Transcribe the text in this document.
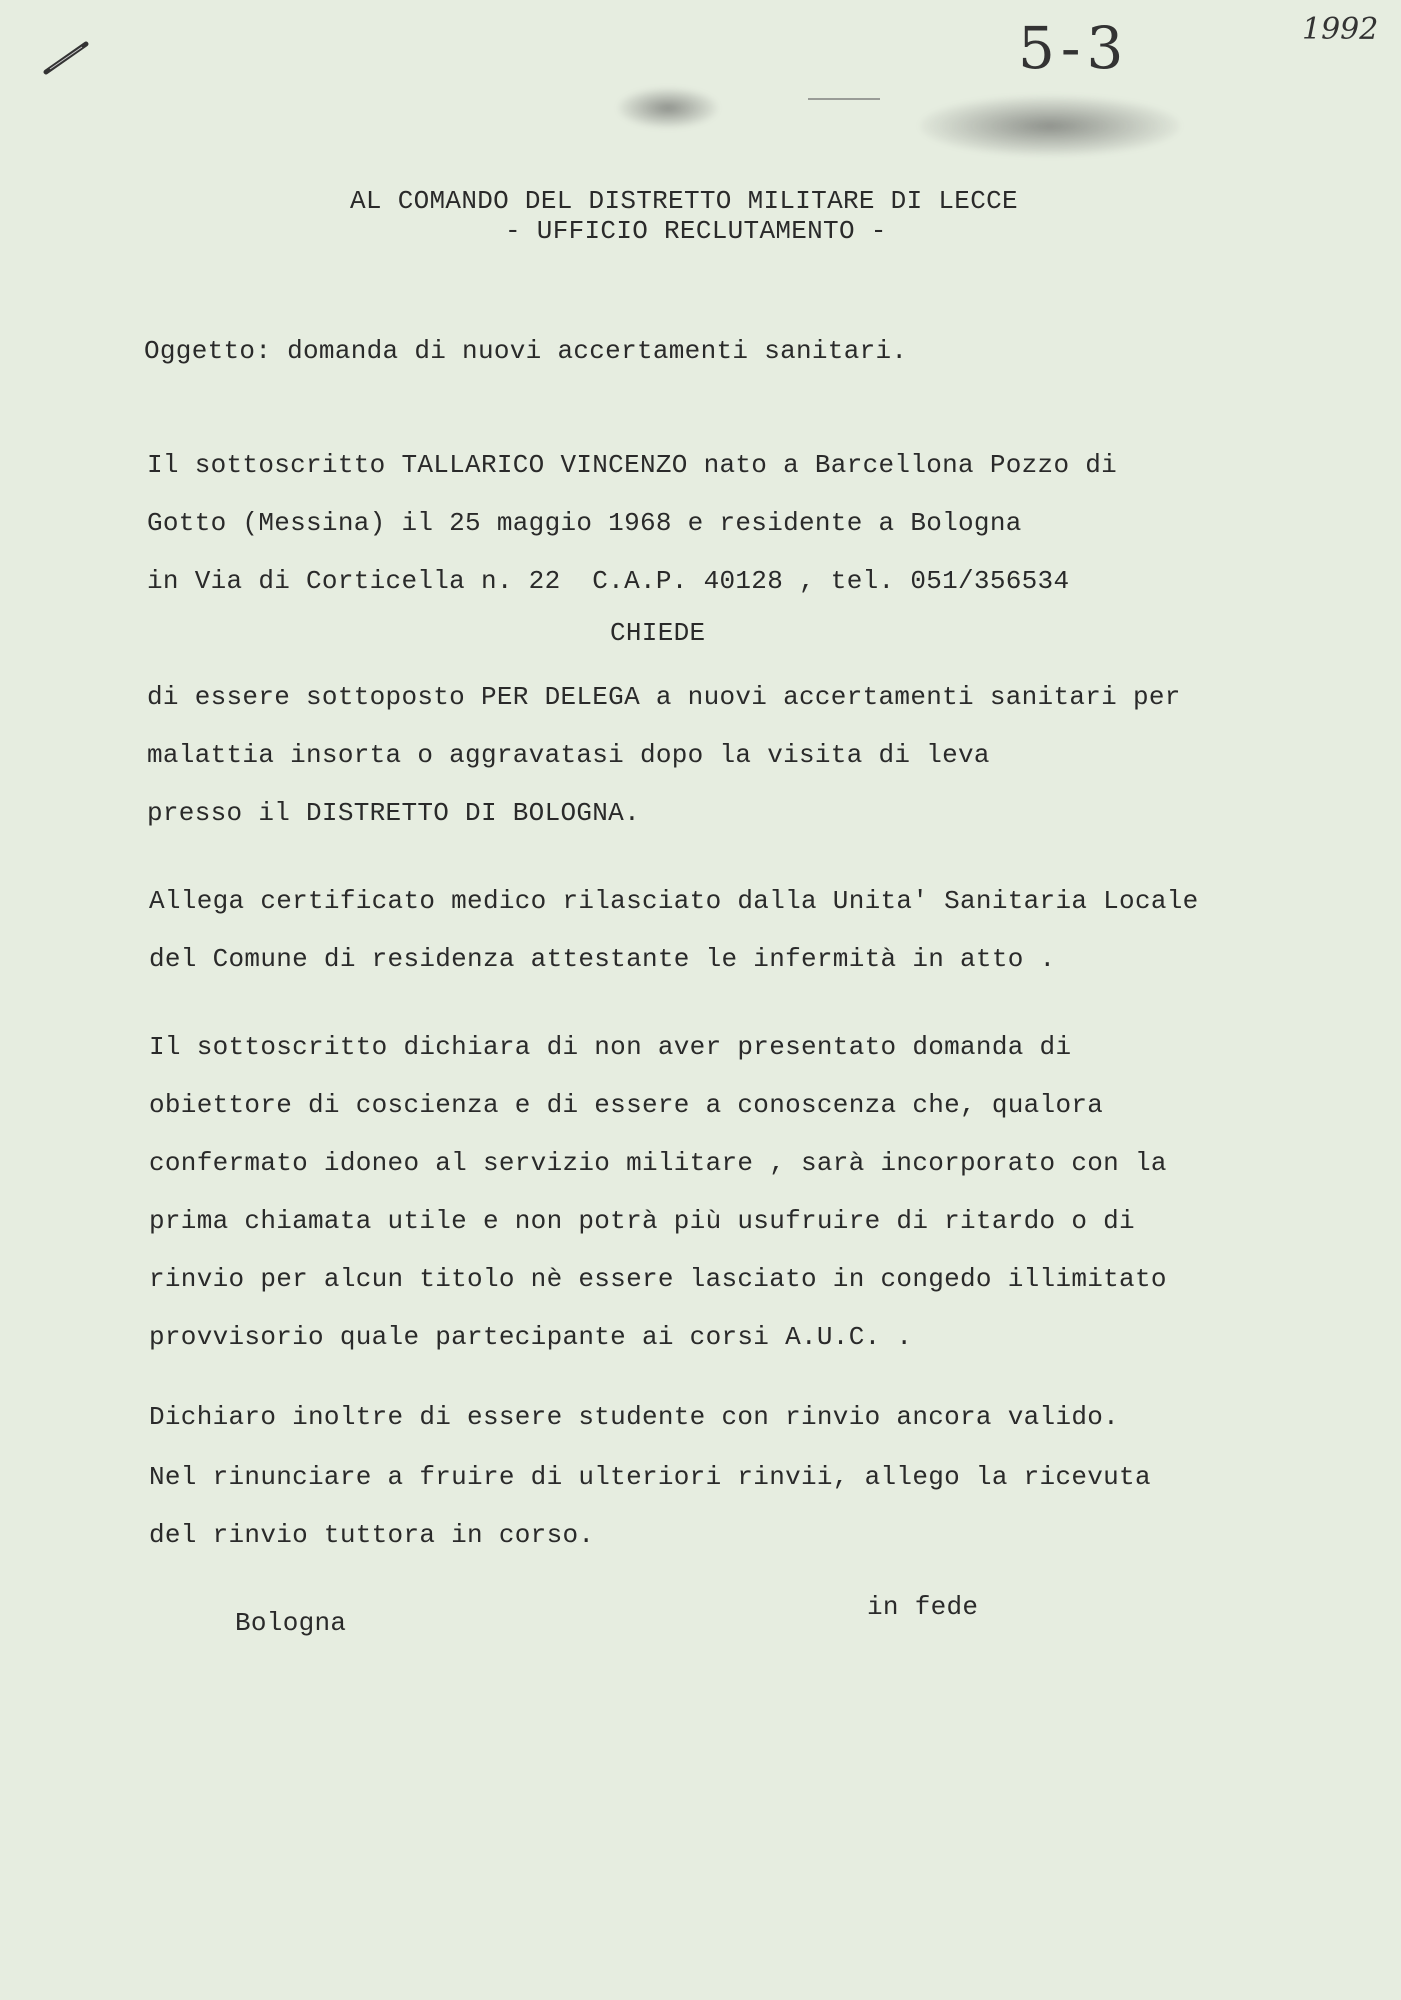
5-3	1992
AL COMANDO DEL DISTRETTO MILITARE DI LECCE
- UFFICIO RECLUTAMENTO -
Oggetto: domanda di nuovi accertamenti sanitari.
Il sottoscritto TALLARICO VINCENZO nato a Barcellona Pozzo di
Gotto (Messina) il 25 maggio 1968 e residente a Bologna
in Via di Corticella n. 22  C.A.P. 40128 , tel. 051/356534
CHIEDE
di essere sottoposto PER DELEGA a nuovi accertamenti sanitari per
malattia insorta o aggravatasi dopo la visita di leva
presso il DISTRETTO DI BOLOGNA.
Allega certificato medico rilasciato dalla Unita' Sanitaria Locale
del Comune di residenza attestante le infermità in atto .
Il sottoscritto dichiara di non aver presentato domanda di
obiettore di coscienza e di essere a conoscenza che, qualora
confermato idoneo al servizio militare , sarà incorporato con la
prima chiamata utile e non potrà più usufruire di ritardo o di
rinvio per alcun titolo nè essere lasciato in congedo illimitato
provvisorio quale partecipante ai corsi A.U.C. .
Dichiaro inoltre di essere studente con rinvio ancora valido.
Nel rinunciare a fruire di ulteriori rinvii, allego la ricevuta
del rinvio tuttora in corso.
Bologna
in fede
